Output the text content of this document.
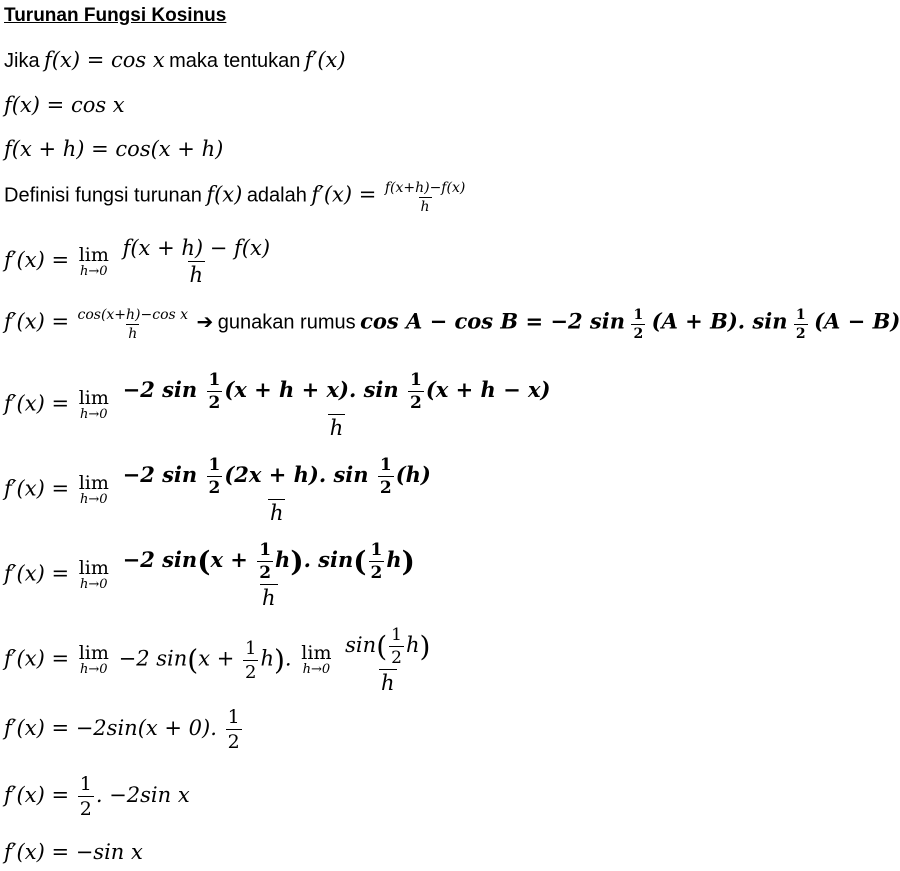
Turunan Fungsi Kosinus
Jika f(x) = cos x maka tentukan f′(x)
f(x) = cos x
f(x + h) = cos(x + h)
Definisi fungsi turunan f(x) adalah $f'(x) = \frac{f(x+h)-f(x)}{h}$
f′(x) = lim
h→0
$\frac{f(x + h) - f(x)}{h}$
$f'(x) = \frac{\text{cos(x+h)−cos x}}{h}$ ➔ gunakan rumus cos A − cos B = −2 $\sin \frac{1}{2} (A + B)$. $\sin \frac{1}{2} (A - B)$
f′(x) = lim
h→0
$\frac{-2 \sin \frac{1}{2} (x + h + x). \sin \frac{1}{2} (x + h - x)}{h}$
f′(x) = lim
h→0
$\frac{-2 \sin \frac{1}{2} (2x + h). \sin \frac{1}{2} (h)}{h}$
f′(x) = lim
h→0
$\frac{-2 \sin(x + \frac{1}{2} h). \sin( \frac{1}{2} h)}{h}$
f′(x) = lim
h→0 −2 $\sin(x + \frac{1}{2} h)$. lim
h→0
$\frac{\sin( \frac{1}{2} h)}{h}$
f′(x) = −2sin(x + 0). $\frac{1}{2}$
$f'(x) = \frac{1}{2}$ . −2sin x
f′(x) = −sin x
